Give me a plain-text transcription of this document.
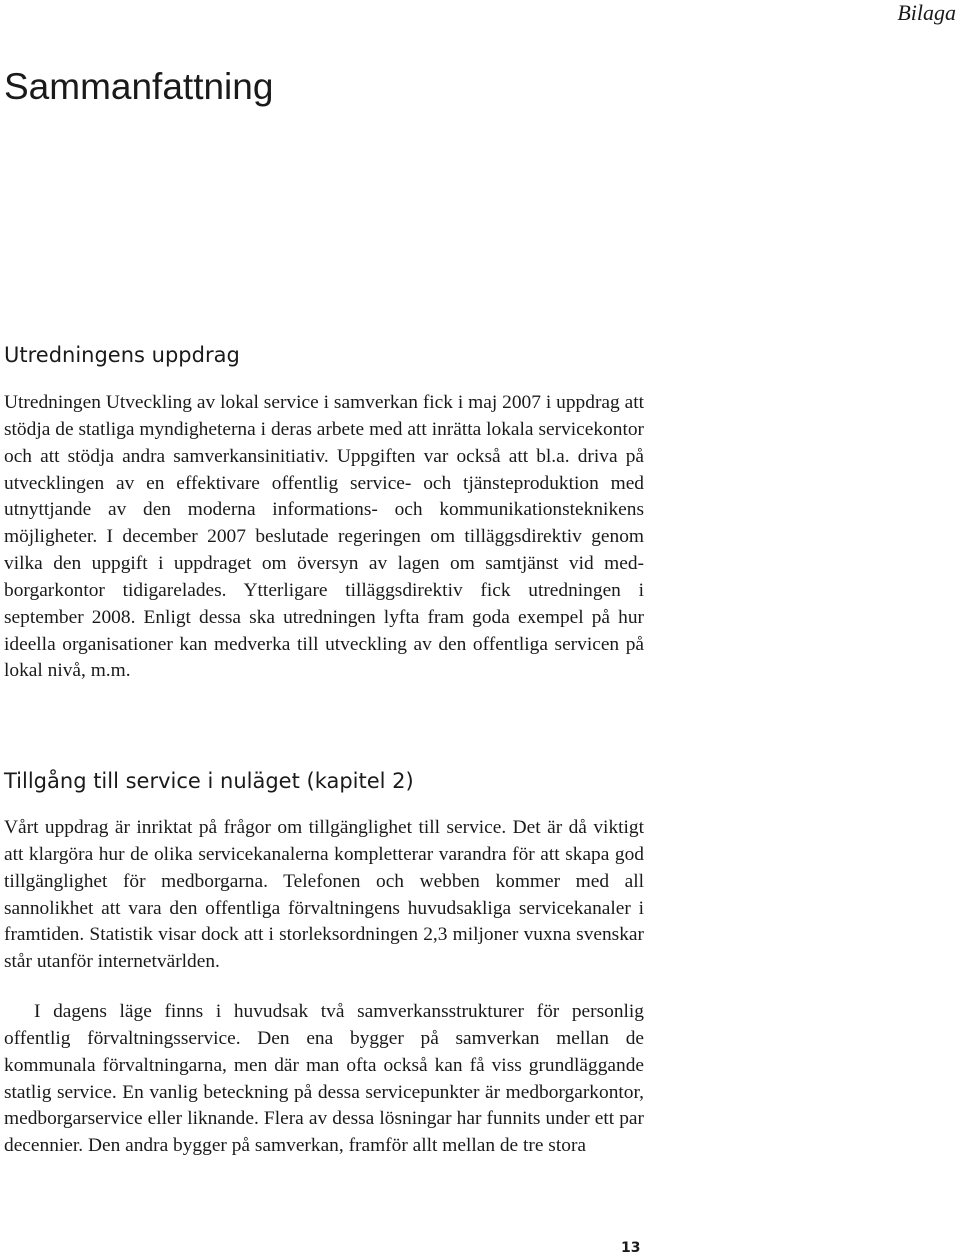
Bilaga
Sammanfattning
Utredningens uppdrag

Utredningen Utveckling av lokal service i samverkan fick i maj 2007 i uppdrag att stödja de statliga myndigheterna i deras arbete med att inrätta lokala servicekontor och att stödja andra samverkansinitiativ. Uppgiften var också att bl.a. driva på utvecklingen av en effektivare offentlig service- och tjänsteproduktion med utnyttjande av den moderna informations- och kommunikationsteknikens möjligheter. I december 2007 beslutade regeringen om tilläggsdirektiv genom vilka den uppgift i uppdraget om översyn av lagen om samtjänst vid medborgarkontor tidigarelades. Ytterligare tilläggsdirektiv fick utredningen i september 2008. Enligt dessa ska utredningen lyfta fram goda exempel på hur ideella organisationer kan medverka till utveckling av den offentliga servicen på lokal nivå, m.m.

Tillgång till service i nuläget (kapitel 2)

Vårt uppdrag är inriktat på frågor om tillgänglighet till service. Det är då viktigt att klargöra hur de olika servicekanalerna kompletterar varandra för att skapa god tillgänglighet för medborgarna. Telefonen och webben kommer med all sannolikhet att vara den offentliga förvaltningens huvudsakliga servicekanaler i framtiden. Statistik visar dock att i storleksordningen 2,3 miljoner vuxna svenskar står utanför internetvärlden.

I dagens läge finns i huvudsak två samverkansstrukturer för personlig offentlig förvaltningsservice. Den ena bygger på samverkan mellan de kommunala förvaltningarna, men där man ofta också kan få viss grundläggande statlig service. En vanlig beteckning på dessa servicepunkter är medborgarkontor, medborgarservice eller liknande. Flera av dessa lösningar har funnits under ett par decennier. Den andra bygger på samverkan, framför allt mellan de tre stora

13
